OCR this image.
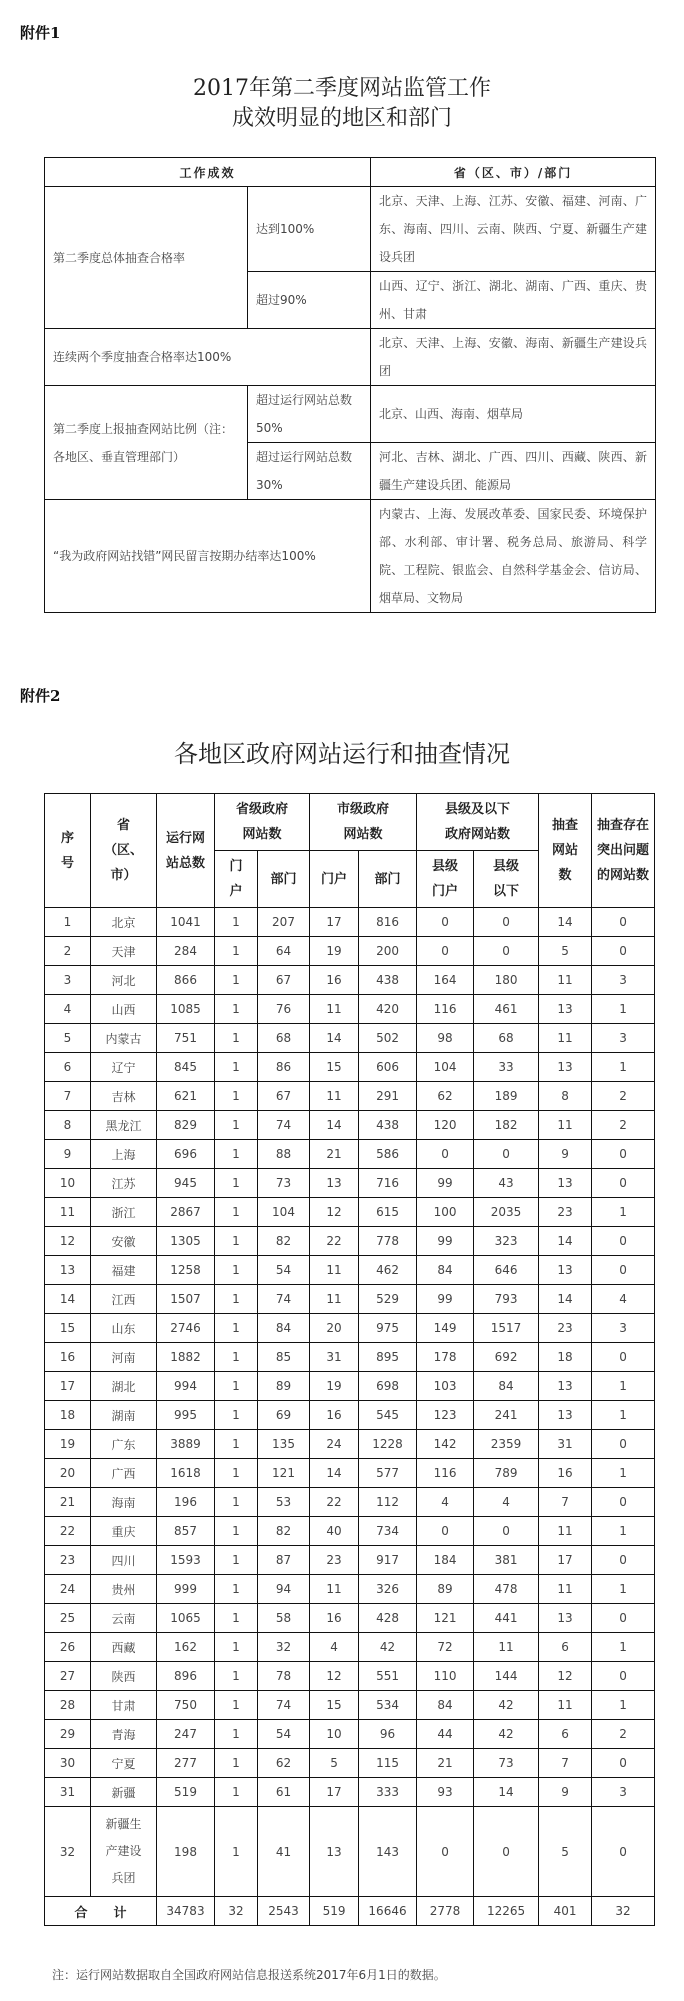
附件1
2017年第二季度网站监管工作
成效明显的地区和部门
工作成效		省（区、市）/部门
第二季度总体抽查合格率	达到100%	北京、天津、上海、江苏、安徽、福建、河南、广东、海南、四川、云南、陕西、宁夏、新疆生产建设兵团
	超过90%	山西、辽宁、浙江、湖北、湖南、广西、重庆、贵州、甘肃
连续两个季度抽查合格率达100%		北京、天津、上海、安徽、海南、新疆生产建设兵团
第二季度上报抽查网站比例（注：各地区、垂直管理部门）	超过运行网站总数50%	北京、山西、海南、烟草局
	超过运行网站总数30%	河北、吉林、湖北、广西、四川、西藏、陕西、新疆生产建设兵团、能源局
“我为政府网站找错”网民留言按期办结率达100%		内蒙古、上海、发展改革委、国家民委、环境保护部、水利部、审计署、税务总局、旅游局、科学院、工程院、银监会、自然科学基金会、信访局、烟草局、文物局
附件2
各地区政府网站运行和抽查情况
序号	省（区、市）	运行网站总数	省级政府网站数		市级政府网站数		县级及以下政府网站数		抽查网站数	抽查存在突出问题的网站数
			门户	部门	门户	部门	县级门户	县级以下		
1	北京	1041	1	207	17	816	0	0	14	0
2	天津	284	1	64	19	200	0	0	5	0
3	河北	866	1	67	16	438	164	180	11	3
4	山西	1085	1	76	11	420	116	461	13	1
5	内蒙古	751	1	68	14	502	98	68	11	3
6	辽宁	845	1	86	15	606	104	33	13	1
7	吉林	621	1	67	11	291	62	189	8	2
8	黑龙江	829	1	74	14	438	120	182	11	2
9	上海	696	1	88	21	586	0	0	9	0
10	江苏	945	1	73	13	716	99	43	13	0
11	浙江	2867	1	104	12	615	100	2035	23	1
12	安徽	1305	1	82	22	778	99	323	14	0
13	福建	1258	1	54	11	462	84	646	13	0
14	江西	1507	1	74	11	529	99	793	14	4
15	山东	2746	1	84	20	975	149	1517	23	3
16	河南	1882	1	85	31	895	178	692	18	0
17	湖北	994	1	89	19	698	103	84	13	1
18	湖南	995	1	69	16	545	123	241	13	1
19	广东	3889	1	135	24	1228	142	2359	31	0
20	广西	1618	1	121	14	577	116	789	16	1
21	海南	196	1	53	22	112	4	4	7	0
22	重庆	857	1	82	40	734	0	0	11	1
23	四川	1593	1	87	23	917	184	381	17	0
24	贵州	999	1	94	11	326	89	478	11	1
25	云南	1065	1	58	16	428	121	441	13	0
26	西藏	162	1	32	4	42	72	11	6	1
27	陕西	896	1	78	12	551	110	144	12	0
28	甘肃	750	1	74	15	534	84	42	11	1
29	青海	247	1	54	10	96	44	42	6	2
30	宁夏	277	1	62	5	115	21	73	7	0
31	新疆	519	1	61	17	333	93	14	9	3
32	新疆生产建设兵团	198	1	41	13	143	0	0	5	0
合　　计		34783	32	2543	519	16646	2778	12265	401	32
注：运行网站数据取自全国政府网站信息报送系统2017年6月1日的数据。
